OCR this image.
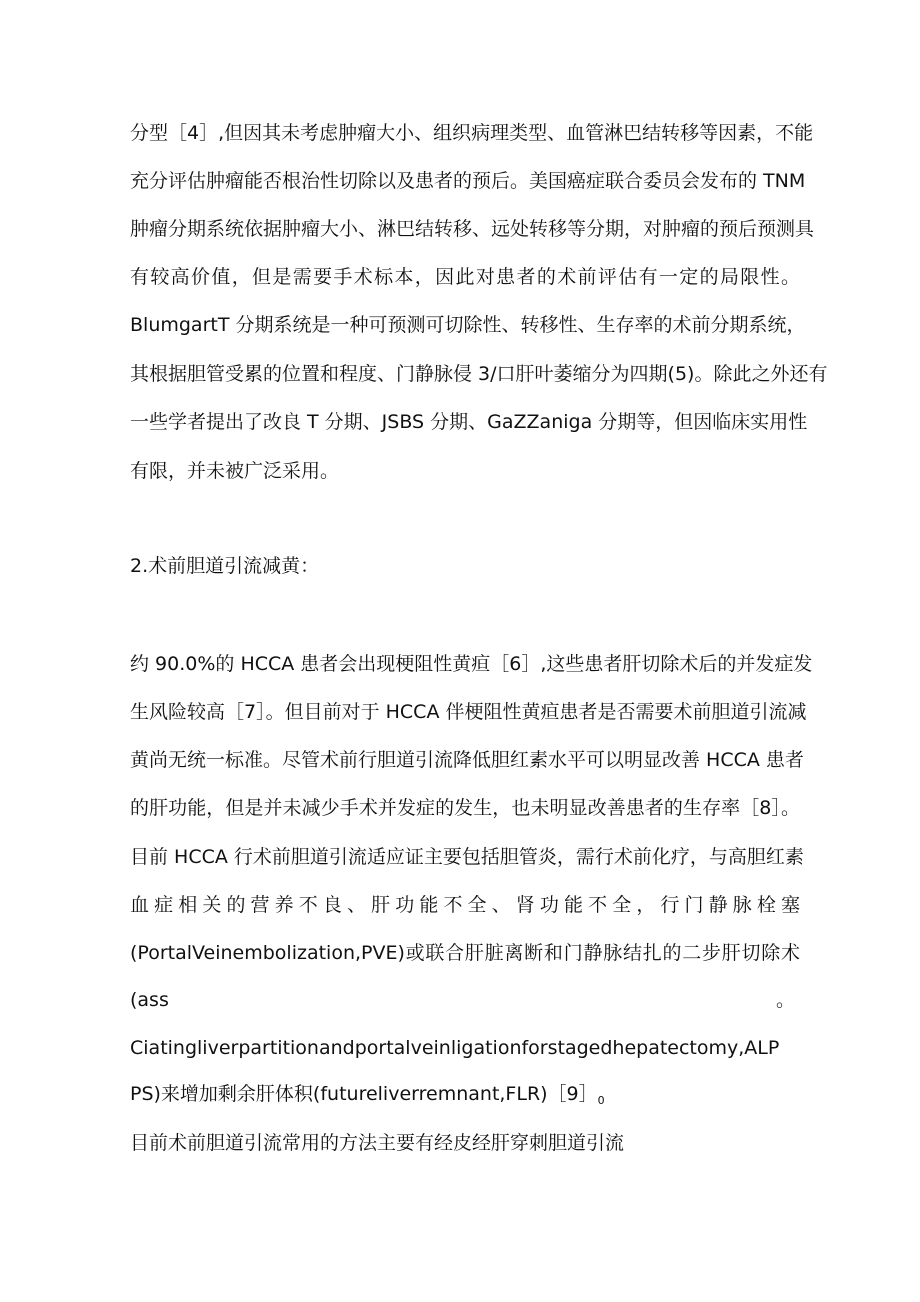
分型［4］,但因其未考虑肿瘤大小、组织病理类型、血管淋巴结转移等因素，不能
充分评估肿瘤能否根治性切除以及患者的预后。美国癌症联合委员会发布的 TNM
肿瘤分期系统依据肿瘤大小、淋巴结转移、远处转移等分期，对肿瘤的预后预测具
有较高价值，但是需要手术标本，因此对患者的术前评估有一定的局限性。
BlumgartT 分期系统是一种可预测可切除性、转移性、生存率的术前分期系统，
其根据胆管受累的位置和程度、门静脉侵 3/口肝叶萎缩分为四期(5)。除此之外还有
一些学者提出了改良 T 分期、JSBS 分期、GaZZaniga 分期等，但因临床实用性
有限，并未被广泛采用。
2.术前胆道引流减黄：
约 90.0%的 HCCA 患者会出现梗阻性黄疸［6］,这些患者肝切除术后的并发症发
生风险较高［7］。但目前对于 HCCA 伴梗阻性黄疸患者是否需要术前胆道引流减
黄尚无统一标准。尽管术前行胆道引流降低胆红素水平可以明显改善 HCCA 患者
的肝功能，但是并未减少手术并发症的发生，也未明显改善患者的生存率［8］。
目前 HCCA 行术前胆道引流适应证主要包括胆管炎，需行术前化疗，与高胆红素
血症相关的营养不良、肝功能不全、肾功能不全，行门静脉栓塞
(PortalVeinembolization,PVE)或联合肝脏离断和门静脉结扎的二步肝切除术
(ass	。
Ciatingliverpartitionandportalveinligationforstagedhepatectomy,ALP
PS)来增加剩余肝体积$(futureliverremnant,FLR)[9]_0$
目前术前胆道引流常用的方法主要有经皮经肝穿刺胆道引流
